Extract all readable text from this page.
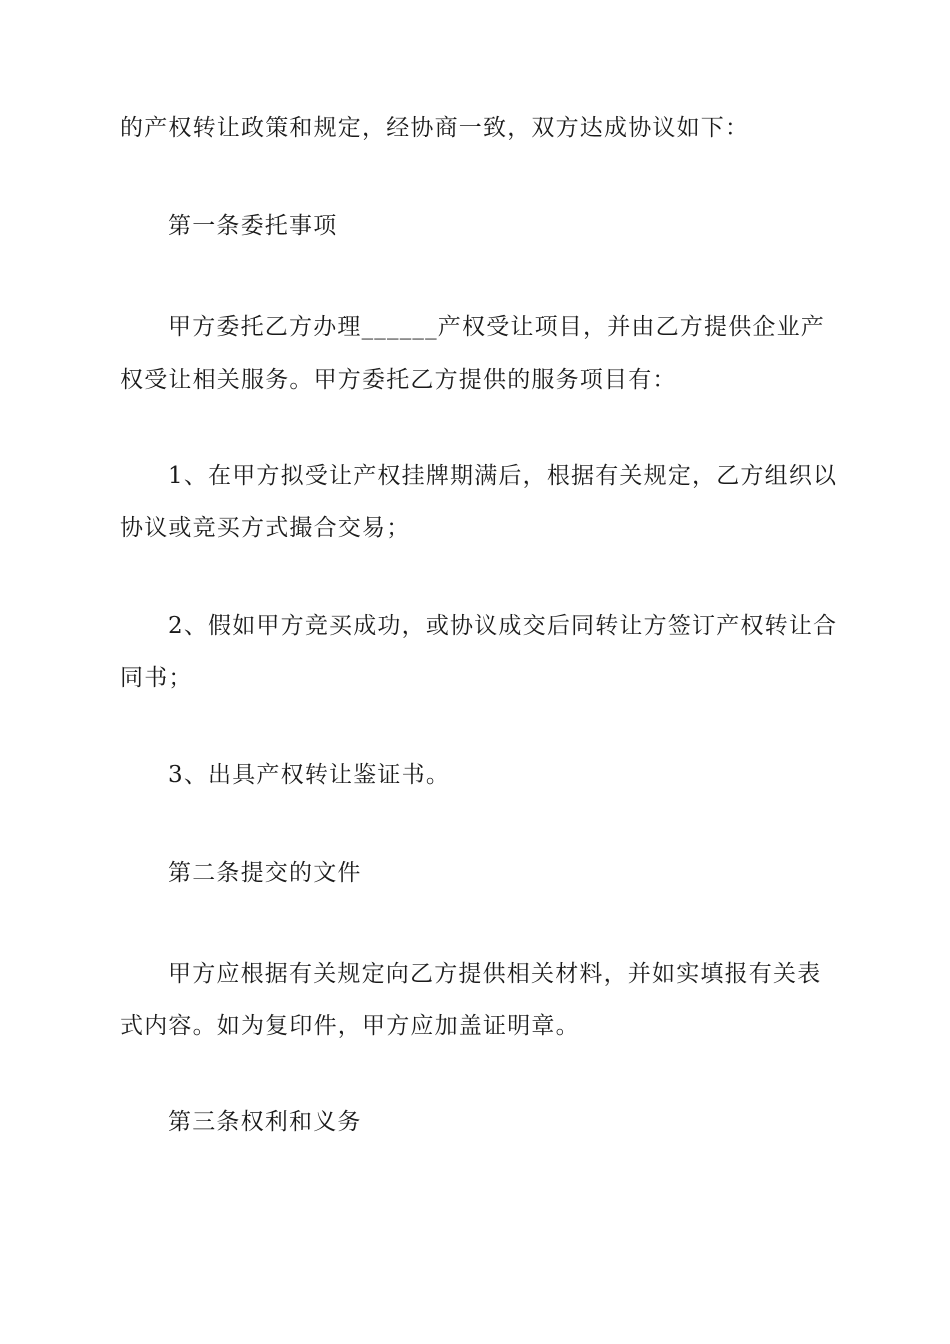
的产权转让政策和规定，经协商一致，双方达成协议如下：
第一条委托事项
甲方委托乙方办理______产权受让项目，并由乙方提供企业产
权受让相关服务。甲方委托乙方提供的服务项目有：
1、在甲方拟受让产权挂牌期满后，根据有关规定，乙方组织以
协议或竞买方式撮合交易；
2、假如甲方竞买成功，或协议成交后同转让方签订产权转让合
同书；
3、出具产权转让鉴证书。
第二条提交的文件
甲方应根据有关规定向乙方提供相关材料，并如实填报有关表
式内容。如为复印件，甲方应加盖证明章。
第三条权利和义务
